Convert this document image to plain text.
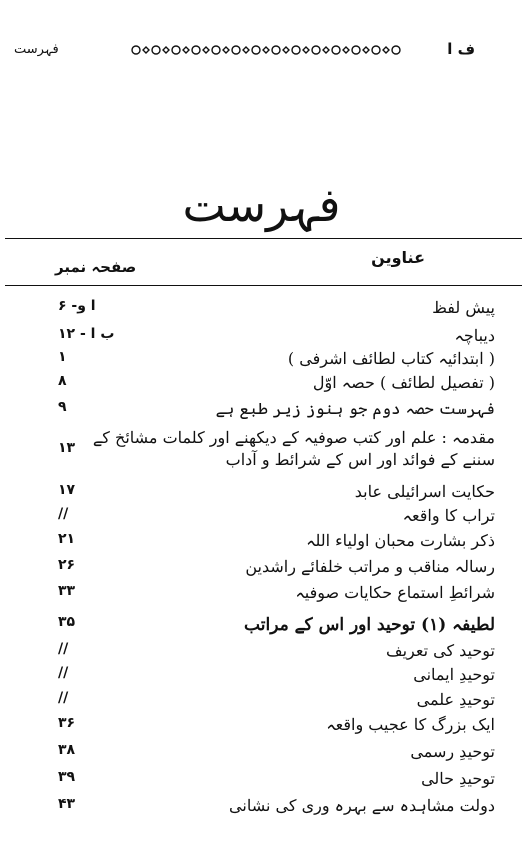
فہرست	ف ا
فہرست
صفحہ نمبر	عناوین
پیش لفظ
ا و- ۶
دیباچہ
ب ا - ۱۲
( ابتدائیہ کتاب لطائف اشرفی )
۱
( تفصیل لطائف ) حصہ اوّل
۸
فہرست حصہ دوم جو ہنوز زیر طبع ہے
۹
مقدمہ : علم اور کتب صوفیہ کے دیکھنے اور کلمات مشائخ کے
سننے کے فوائد اور اس کے شرائط و آداب
۱۳
حکایت اسرائیلی عابد
۱۷
تراب کا واقعہ
//
ذکر بشارت محبان اولیاء اللہ
۲۱
رسالہ مناقب و مراتب خلفائے راشدین
۲۶
شرائطِ استماع حکایات صوفیہ
۳۳
لطیفہ (۱) توحید اور اس کے مراتب
۳۵
توحید کی تعریف
//
توحیدِ ایمانی
//
توحیدِ علمی
//
ایک بزرگ کا عجیب واقعہ
۳۶
توحیدِ رسمی
۳۸
توحیدِ حالی
۳۹
دولت مشاہدہ سے بہرہ وری کی نشانی
۴۳
